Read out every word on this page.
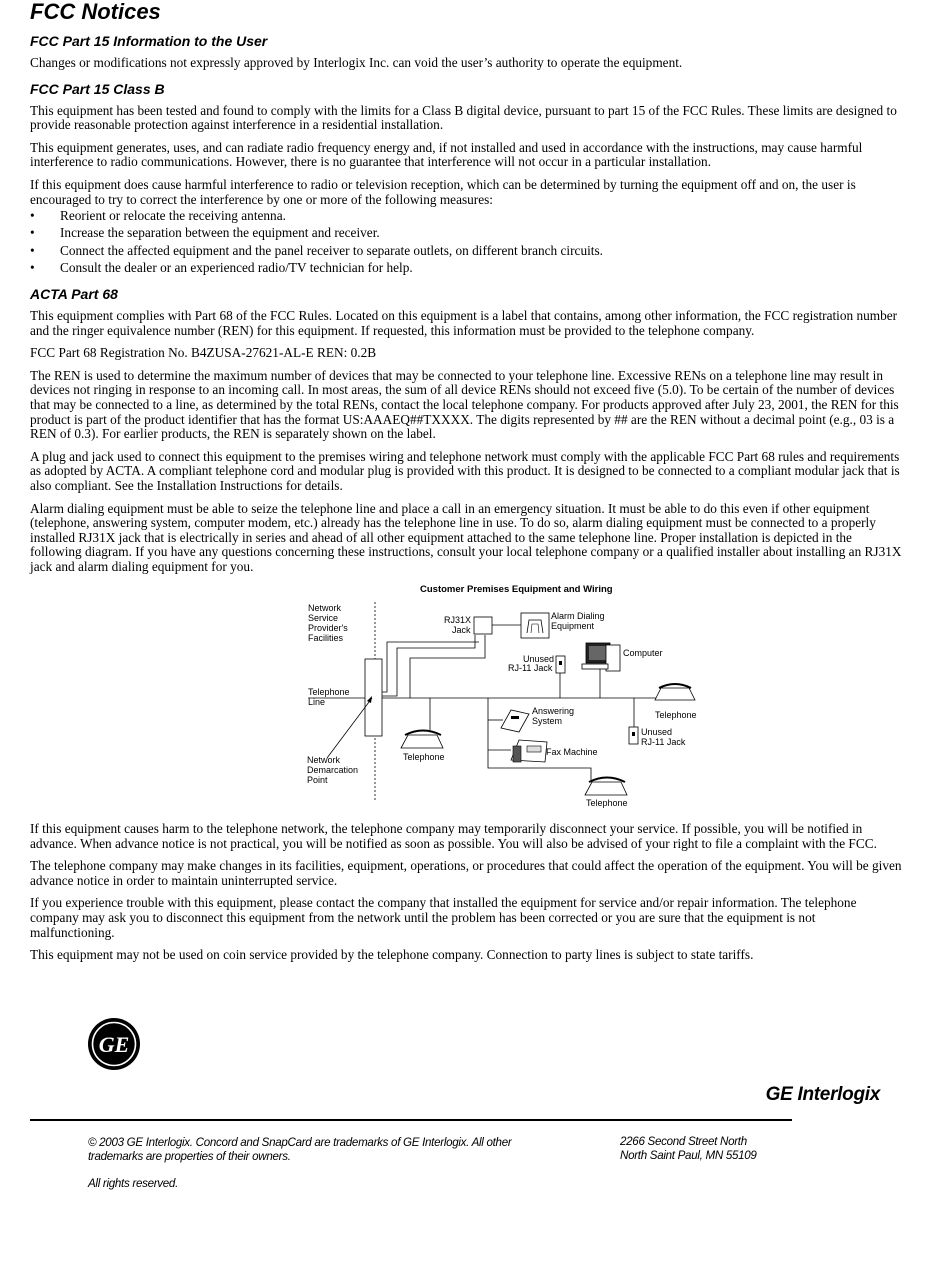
FCC Notices
FCC Part 15 Information to the User

Changes or modifications not expressly approved by Interlogix Inc. can void the user’s authority to operate the equipment.

FCC Part 15 Class B

This equipment has been tested and found to comply with the limits for a Class B digital device, pursuant to part 15 of the FCC Rules. These limits are designed to provide reasonable protection against interference in a residential installation.

This equipment generates, uses, and can radiate radio frequency energy and, if not installed and used in accordance with the instructions, may cause harmful interference to radio communications. However, there is no guarantee that interference will not occur in a particular installation.

If this equipment does cause harmful interference to radio or television reception, which can be determined by turning the equipment off and on, the user is encouraged to try to correct the interference by one or more of the following measures:

• Reorient or relocate the receiving antenna.
• Increase the separation between the equipment and receiver.
• Connect the affected equipment and the panel receiver to separate outlets, on different branch circuits.
• Consult the dealer or an experienced radio/TV technician for help.
ACTA Part 68

This equipment complies with Part 68 of the FCC Rules. Located on this equipment is a label that contains, among other information, the FCC registration number and the ringer equivalence number (REN) for this equipment. If requested, this information must be provided to the telephone company.

FCC Part 68 Registration No. B4ZUSA-27621-AL-E REN: 0.2B

The REN is used to determine the maximum number of devices that may be connected to your telephone line. Excessive RENs on a telephone line may result in devices not ringing in response to an incoming call. In most areas, the sum of all device RENs should not exceed five (5.0). To be certain of the number of devices that may be connected to a line, as determined by the total RENs, contact the local telephone company. For products approved after July 23, 2001, the REN for this product is part of the product identifier that has the format US:AAAEQ##TXXXX. The digits represented by ## are the REN without a decimal point (e.g., 03 is a REN of 0.3). For earlier products, the REN is separately shown on the label.

A plug and jack used to connect this equipment to the premises wiring and telephone network must comply with the applicable FCC Part 68 rules and requirements as adopted by ACTA. A compliant telephone cord and modular plug is provided with this product. It is designed to be connected to a compliant modular jack that is also compliant. See the Installation Instructions for details.

Alarm dialing equipment must be able to seize the telephone line and place a call in an emergency situation. It must be able to do this even if other equipment (telephone, answering system, computer modem, etc.) already has the telephone line in use. To do so, alarm dialing equipment must be connected to a properly installed RJ31X jack that is electrically in series and ahead of all other equipment attached to the same telephone line. Proper installation is depicted in the following diagram. If you have any questions concerning these instructions, consult your local telephone company or a qualified installer about installing an RJ31X jack and alarm dialing equipment for you.

Customer Premises Equipment and Wiring
Network
Service
Provider's
Facilities
Telephone
Line
Network
Demarcation
Point
RJ31X
Jack
Alarm Dialing
Equipment
Unused
RJ-11 Jack
Computer
Telephone
Telephone
Answering
System
Fax Machine
Telephone
Unused
RJ-11 Jack

If this equipment causes harm to the telephone network, the telephone company may temporarily disconnect your service. If possible, you will be notified in advance. When advance notice is not practical, you will be notified as soon as possible. You will also be advised of your right to file a complaint with the FCC.

The telephone company may make changes in its facilities, equipment, operations, or procedures that could affect the operation of the equipment. You will be given advance notice in order to maintain uninterrupted service.

If you experience trouble with this equipment, please contact the company that installed the equipment for service and/or repair information. The telephone company may ask you to disconnect this equipment from the network until the problem has been corrected or you are sure that the equipment is not malfunctioning.

This equipment may not be used on coin service provided by the telephone company. Connection to party lines is subject to state tariffs.

GE
GE Interlogix
© 2003 GE Interlogix. Concord and SnapCard are trademarks of GE Interlogix. All other
trademarks are properties of their owners.
All rights reserved.
2266 Second Street North
North Saint Paul, MN 55109
